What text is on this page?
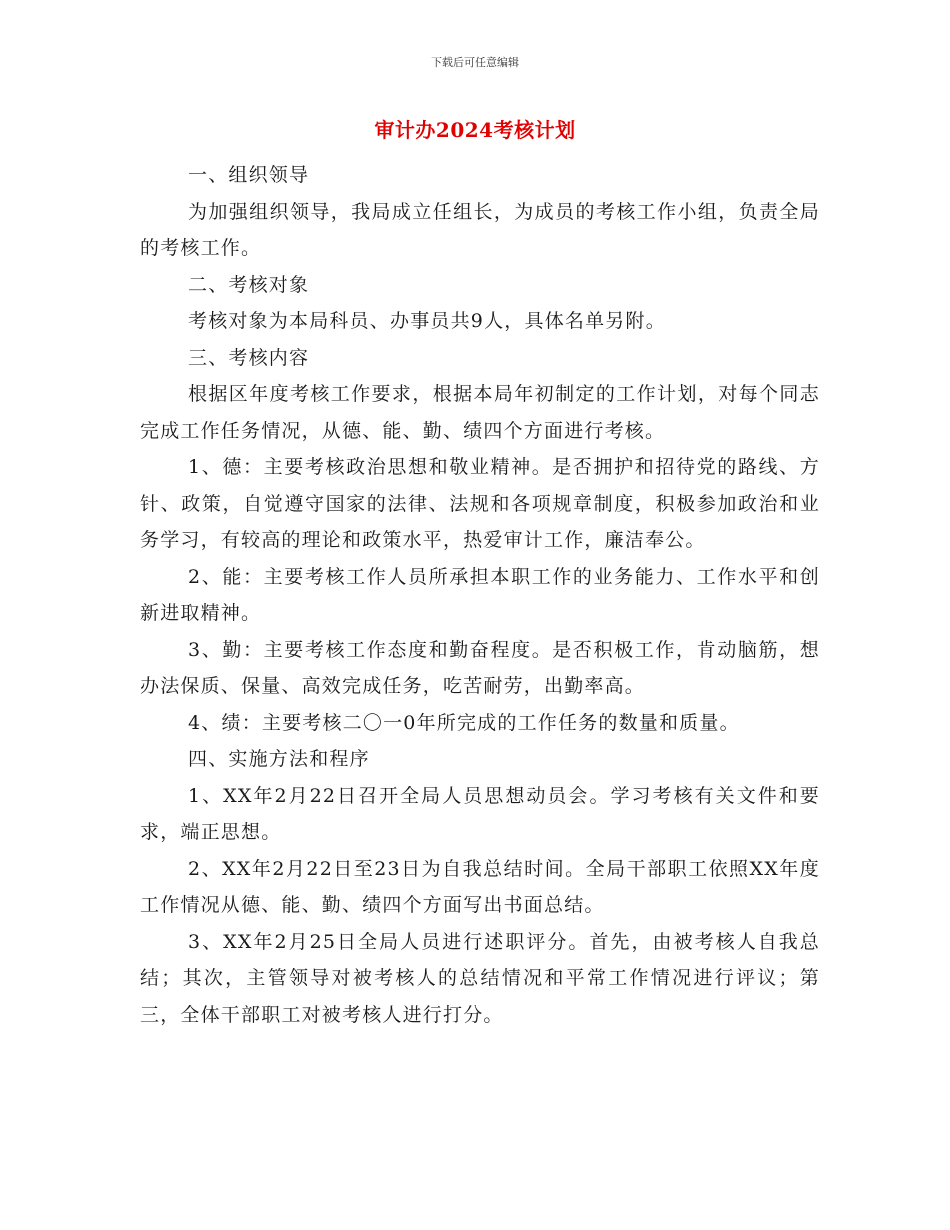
下载后可任意编辑
审计办2024考核计划

一、组织领导

为加强组织领导，我局成立任组长，为成员的考核工作小组，负责全局的考核工作。

二、考核对象

考核对象为本局科员、办事员共9人，具体名单另附。

三、考核内容

根据区年度考核工作要求，根据本局年初制定的工作计划，对每个同志完成工作任务情况，从德、能、勤、绩四个方面进行考核。

1、德：主要考核政治思想和敬业精神。是否拥护和招待党的路线、方针、政策，自觉遵守国家的法律、法规和各项规章制度，积极参加政治和业务学习，有较高的理论和政策水平，热爱审计工作，廉洁奉公。

2、能：主要考核工作人员所承担本职工作的业务能力、工作水平和创新进取精神。

3、勤：主要考核工作态度和勤奋程度。是否积极工作，肯动脑筋，想办法保质、保量、高效完成任务，吃苦耐劳，出勤率高。

4、绩：主要考核二〇一0年所完成的工作任务的数量和质量。

四、实施方法和程序

1、XX年2月22日召开全局人员思想动员会。学习考核有关文件和要求，端正思想。

2、XX年2月22日至23日为自我总结时间。全局干部职工依照XX年度工作情况从德、能、勤、绩四个方面写出书面总结。

3、XX年2月25日全局人员进行述职评分。首先，由被考核人自我总结；其次，主管领导对被考核人的总结情况和平常工作情况进行评议；第三，全体干部职工对被考核人进行打分。
